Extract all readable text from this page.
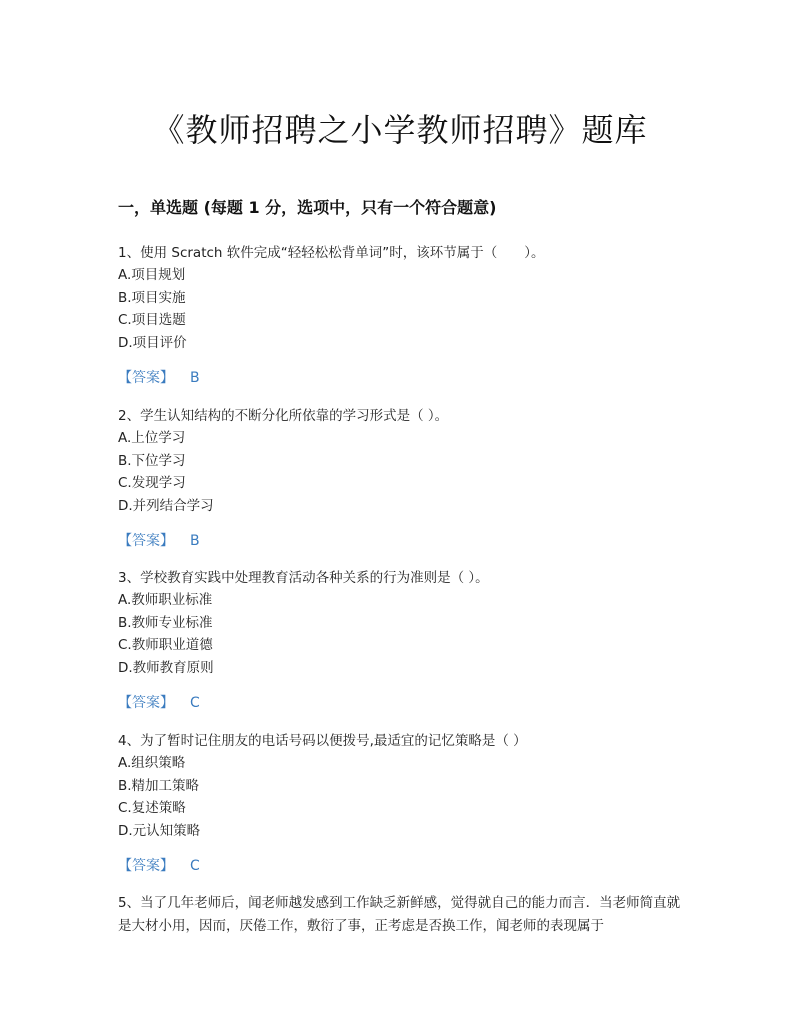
《教师招聘之小学教师招聘》题库
一，单选题 (每题 1 分，选项中，只有一个符合题意)

1、使用 Scratch 软件完成“轻轻松松背单词”时，该环节属于（　　）。

A.项目规划

B.项目实施

C.项目选题

D.项目评价

【答案】 B

2、学生认知结构的不断分化所依靠的学习形式是（ ）。

A.上位学习

B.下位学习

C.发现学习

D.并列结合学习

【答案】 B

3、学校教育实践中处理教育活动各种关系的行为准则是（ ）。

A.教师职业标准

B.教师专业标准

C.教师职业道德

D.教师教育原则

【答案】 C

4、为了暂时记住朋友的电话号码以便拨号,最适宜的记忆策略是（ ）

A.组织策略

B.精加工策略

C.复述策略

D.元认知策略

【答案】 C

5、当了几年老师后，闻老师越发感到工作缺乏新鲜感，觉得就自己的能力而言．当老师简直就是大材小用，因而，厌倦工作，敷衍了事，正考虑是否换工作，闻老师的表现属于
